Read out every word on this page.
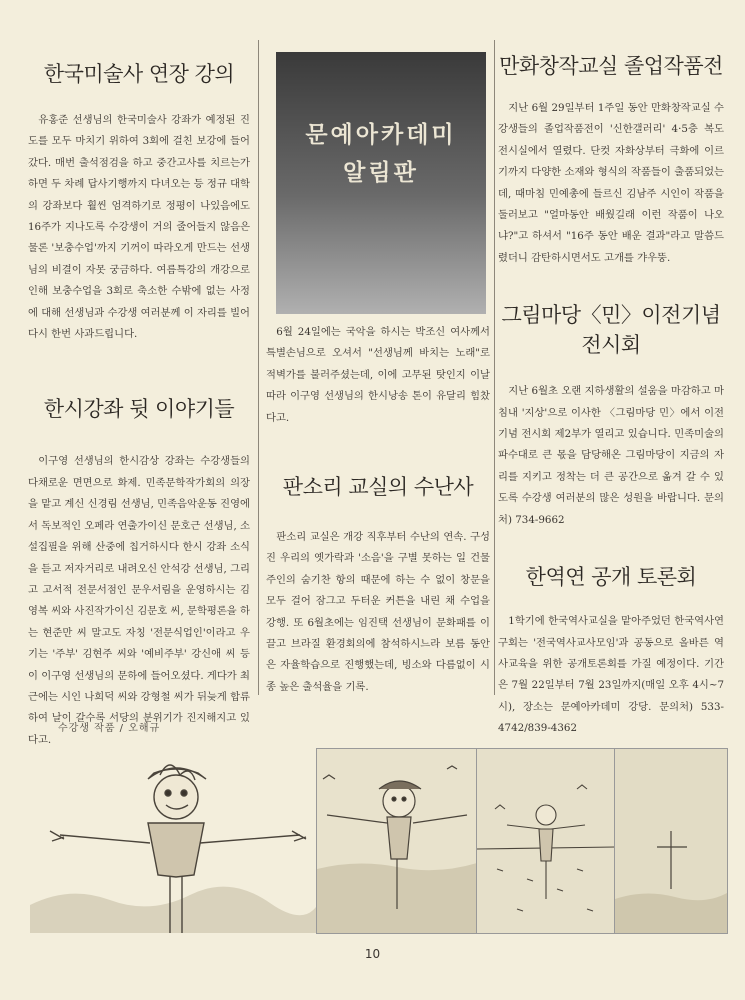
한국미술사 연장 강의

유홍준 선생님의 한국미술사 강좌가 예정된 진도를 모두 마치기 위하여 3회에 걸친 보강에 들어갔다. 매번 출석점검을 하고 중간고사를 치르는가 하면 두 차례 답사기행까지 다녀오는 등 정규 대학의 강좌보다 훨씬 엄격하기로 정평이 나있음에도 16주가 지나도록 수강생이 거의 줄어들지 않음은 물론 '보충수업'까지 기꺼이 따라오게 만드는 선생님의 비결이 자못 궁금하다. 여름특강의 개강으로 인해 보충수업을 3회로 축소한 수밖에 없는 사정에 대해 선생님과 수강생 여러분께 이 자리를 빌어 다시 한번 사과드립니다.

한시강좌 뒷 이야기들

이구영 선생님의 한시감상 강좌는 수강생들의 다채로운 면면으로 화제. 민족문학작가회의 의장을 맡고 계신 신경림 선생님, 민족음악운동 진영에서 독보적인 오페라 연출가이신 문호근 선생님, 소설집필을 위해 산중에 칩거하시다 한시 강좌 소식을 듣고 저자거리로 내려오신 안석강 선생님, 그리고 고서적 전문서점인 문우서림을 운영하시는 김영복 씨와 사진작가이신 김문호 씨, 문학평론을 하는 현준만 씨 말고도 자칭 '전문식업인'이라고 우기는 '주부' 김현주 씨와 '예비주부' 강신애 씨 등이 이구영 선생님의 문하에 들어오셨다. 게다가 최근에는 시인 나희덕 씨와 강형철 씨가 뒤늦게 합류하여 날이 갈수록 서당의 분위기가 진지해지고 있다고.

문예아카데미
알림판

6월 24일에는 국악을 하시는 박조신 여사께서 특별손님으로 오셔서 "선생님께 바치는 노래"로 적벽가를 불러주셨는데, 이에 고무된 탓인지 이날따라 이구영 선생님의 한시낭송 톤이 유달리 힘찼다고.

판소리 교실의 수난사

판소리 교실은 개강 직후부터 수난의 연속. 구성진 우리의 옛가락과 '소음'을 구별 못하는 일 건물 주인의 숨기찬 항의 때문에 하는 수 없이 창문을 모두 걸어 잠그고 두터운 커튼을 내린 채 수업을 강행. 또 6월초에는 임진택 선생님이 문화패를 이끌고 브라질 환경회의에 참석하시느라 보름 동안은 자율학습으로 진행했는데, 빙소와 다름없이 시종 높은 출석율을 기록.

만화창작교실 졸업작품전

지난 6월 29일부터 1주일 동안 만화창작교실 수강생들의 졸업작품전이 '신한갤러리' 4·5층 복도 전시실에서 열렸다. 단컷 자화상부터 극화에 이르기까지 다양한 소재와 형식의 작품들이 출품되었는데, 때마침 민예총에 들르신 김남주 시인이 작품을 둘러보고 "얼마동안 배웠길래 이런 작품이 나오냐?"고 하셔서 "16주 동안 배운 결과"라고 말씀드렸더니 감탄하시면서도 고개를 갸우뚱.

그림마당〈민〉이전기념 전시회

지난 6월초 오랜 지하생활의 설움을 마감하고 마침내 '지상'으로 이사한 〈그림마당 민〉에서 이전기념 전시회 제2부가 열리고 있습니다. 민족미술의 파수대로 큰 몫을 담당해온 그림마당이 지금의 자리를 지키고 정착는 더 큰 공간으로 옮겨 갈 수 있도록 수강생 여러분의 많은 성원을 바랍니다. 문의처) 734-9662

한역연 공개 토론회

1학기에 한국역사교실을 맡아주었던 한국역사연구회는 '전국역사교사모임'과 공동으로 올바른 역사교육을 위한 공개토론회를 가질 예정이다. 기간은 7월 22일부터 7월 23일까지(매일 오후 4시~7시), 장소는 문예아카데미 강당. 문의처) 533-4742/839-4362

수강생 작품 / 오해규
10
